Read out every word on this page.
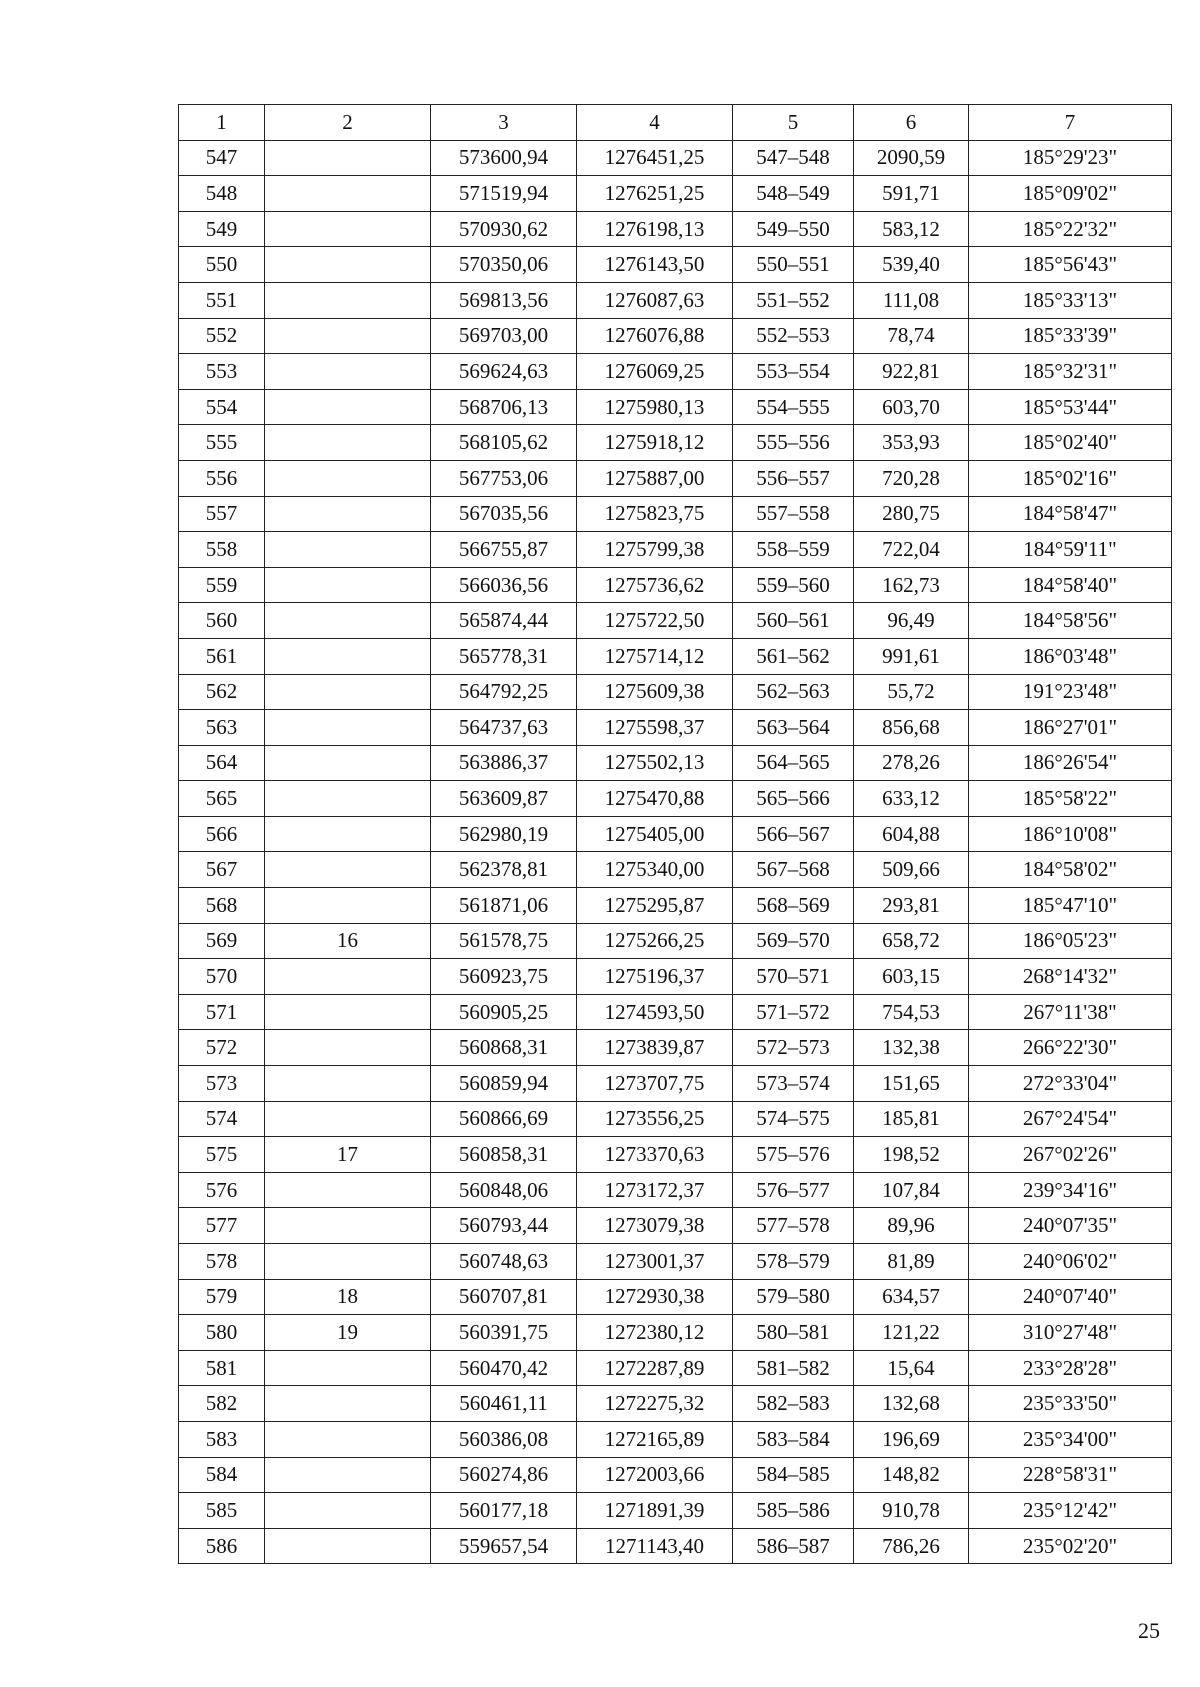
1	2	3	4	5	6	7
547		573600,94	1276451,25	547–548	2090,59	185°29'23"
548		571519,94	1276251,25	548–549	591,71	185°09'02"
549		570930,62	1276198,13	549–550	583,12	185°22'32"
550		570350,06	1276143,50	550–551	539,40	185°56'43"
551		569813,56	1276087,63	551–552	111,08	185°33'13"
552		569703,00	1276076,88	552–553	78,74	185°33'39"
553		569624,63	1276069,25	553–554	922,81	185°32'31"
554		568706,13	1275980,13	554–555	603,70	185°53'44"
555		568105,62	1275918,12	555–556	353,93	185°02'40"
556		567753,06	1275887,00	556–557	720,28	185°02'16"
557		567035,56	1275823,75	557–558	280,75	184°58'47"
558		566755,87	1275799,38	558–559	722,04	184°59'11"
559		566036,56	1275736,62	559–560	162,73	184°58'40"
560		565874,44	1275722,50	560–561	96,49	184°58'56"
561		565778,31	1275714,12	561–562	991,61	186°03'48"
562		564792,25	1275609,38	562–563	55,72	191°23'48"
563		564737,63	1275598,37	563–564	856,68	186°27'01"
564		563886,37	1275502,13	564–565	278,26	186°26'54"
565		563609,87	1275470,88	565–566	633,12	185°58'22"
566		562980,19	1275405,00	566–567	604,88	186°10'08"
567		562378,81	1275340,00	567–568	509,66	184°58'02"
568		561871,06	1275295,87	568–569	293,81	185°47'10"
569	16	561578,75	1275266,25	569–570	658,72	186°05'23"
570		560923,75	1275196,37	570–571	603,15	268°14'32"
571		560905,25	1274593,50	571–572	754,53	267°11'38"
572		560868,31	1273839,87	572–573	132,38	266°22'30"
573		560859,94	1273707,75	573–574	151,65	272°33'04"
574		560866,69	1273556,25	574–575	185,81	267°24'54"
575	17	560858,31	1273370,63	575–576	198,52	267°02'26"
576		560848,06	1273172,37	576–577	107,84	239°34'16"
577		560793,44	1273079,38	577–578	89,96	240°07'35"
578		560748,63	1273001,37	578–579	81,89	240°06'02"
579	18	560707,81	1272930,38	579–580	634,57	240°07'40"
580	19	560391,75	1272380,12	580–581	121,22	310°27'48"
581		560470,42	1272287,89	581–582	15,64	233°28'28"
582		560461,11	1272275,32	582–583	132,68	235°33'50"
583		560386,08	1272165,89	583–584	196,69	235°34'00"
584		560274,86	1272003,66	584–585	148,82	228°58'31"
585		560177,18	1271891,39	585–586	910,78	235°12'42"
586		559657,54	1271143,40	586–587	786,26	235°02'20"
25
